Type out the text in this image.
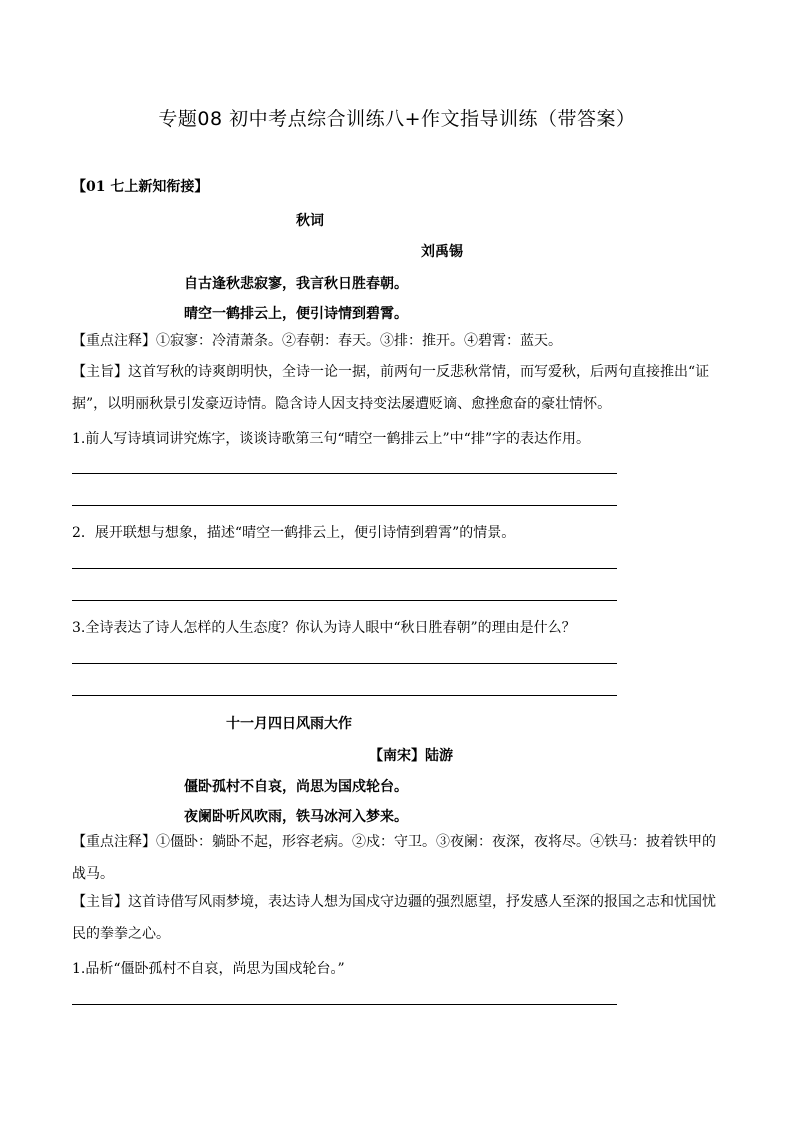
专题08 初中考点综合训练八+作文指导训练（带答案）
【01 七上新知衔接】
秋词
刘禹锡
自古逢秋悲寂寥，我言秋日胜春朝。
晴空一鹤排云上，便引诗情到碧霄。
【重点注释】①寂寥：冷清萧条。②春朝：春天。③排：推开。④碧霄：蓝天。
【主旨】这首写秋的诗爽朗明快，全诗一论一据，前两句一反悲秋常情，而写爱秋，后两句直接推出“证据”，以明丽秋景引发豪迈诗情。隐含诗人因支持变法屡遭贬谪、愈挫愈奋的豪壮情怀。
1.前人写诗填词讲究炼字，谈谈诗歌第三句“晴空一鹤排云上”中“排”字的表达作用。
2．展开联想与想象，描述“晴空一鹤排云上，便引诗情到碧霄”的情景。
3.全诗表达了诗人怎样的人生态度？你认为诗人眼中“秋日胜春朝”的理由是什么？
十一月四日风雨大作
【南宋】陆游
僵卧孤村不自哀，尚思为国戍轮台。
夜阑卧听风吹雨，铁马冰河入梦来。
【重点注释】①僵卧：躺卧不起，形容老病。②戍：守卫。③夜阑：夜深，夜将尽。④铁马：披着铁甲的战马。
【主旨】这首诗借写风雨梦境，表达诗人想为国戍守边疆的强烈愿望，抒发感人至深的报国之志和忧国忧民的拳拳之心。
1.品析“僵卧孤村不自哀，尚思为国戍轮台。”
